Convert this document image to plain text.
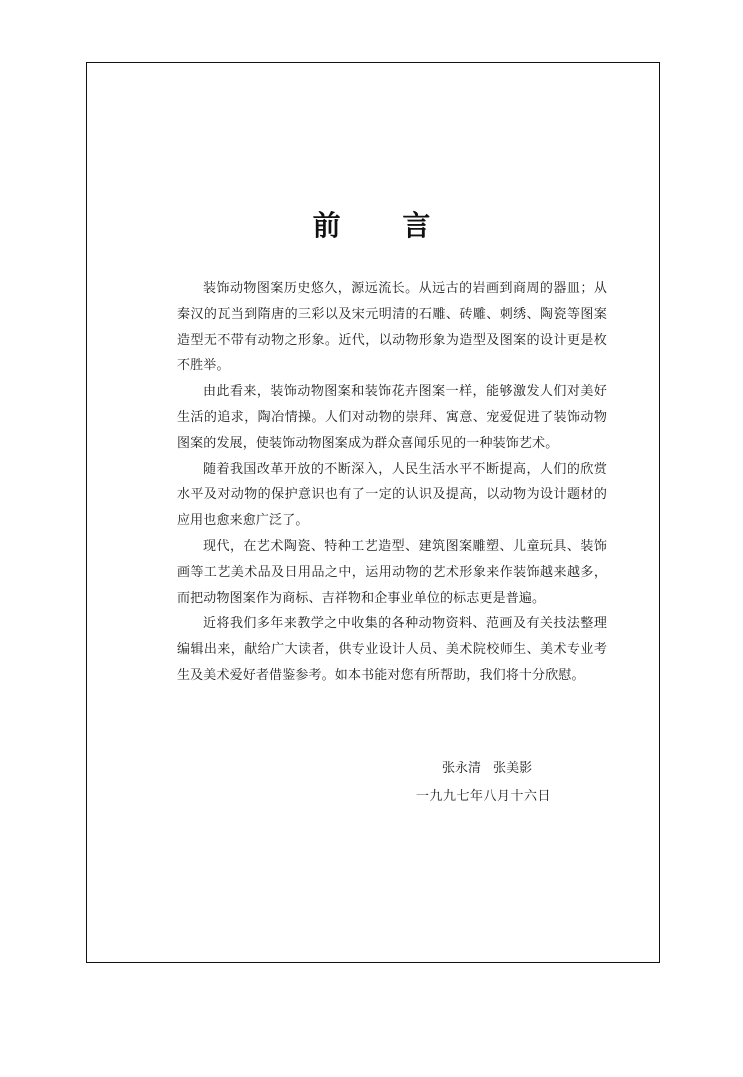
前 言

装饰动物图案历史悠久，源远流长。从远古的岩画到商周的器皿；从秦汉的瓦当到隋唐的三彩以及宋元明清的石雕、砖雕、刺绣、陶瓷等图案造型无不带有动物之形象。近代，以动物形象为造型及图案的设计更是枚不胜举。

由此看来，装饰动物图案和装饰花卉图案一样，能够激发人们对美好生活的追求，陶冶情操。人们对动物的崇拜、寓意、宠爱促进了装饰动物图案的发展，使装饰动物图案成为群众喜闻乐见的一种装饰艺术。

随着我国改革开放的不断深入，人民生活水平不断提高，人们的欣赏水平及对动物的保护意识也有了一定的认识及提高，以动物为设计题材的应用也愈来愈广泛了。

现代，在艺术陶瓷、特种工艺造型、建筑图案雕塑、儿童玩具、装饰画等工艺美术品及日用品之中，运用动物的艺术形象来作装饰越来越多，而把动物图案作为商标、吉祥物和企事业单位的标志更是普遍。

近将我们多年来教学之中收集的各种动物资料、范画及有关技法整理编辑出来，献给广大读者，供专业设计人员、美术院校师生、美术专业考生及美术爱好者借鉴参考。如本书能对您有所帮助，我们将十分欣慰。

张永清 张美影
一九九七年八月十六日
